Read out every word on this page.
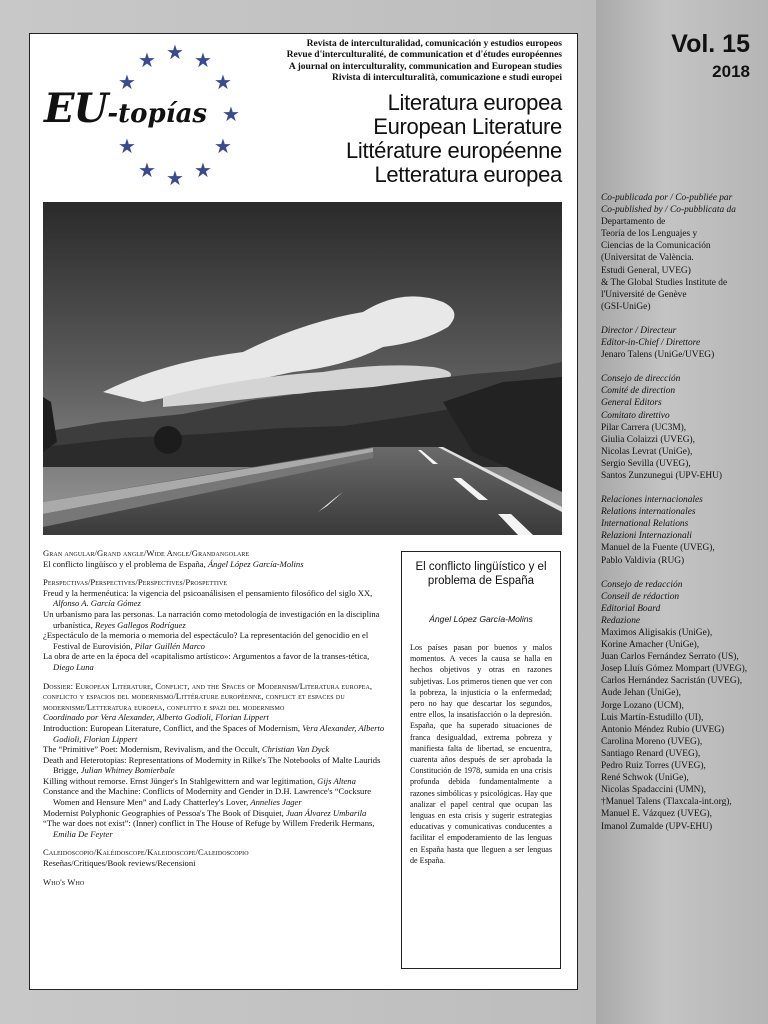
★ ★
★
★
★
★
★
★
★
★
★
EU-topías
Revista de interculturalidad, comunicación y estudios europeos
Revue d'interculturalité, de communication et d'études européennes
A journal on interculturality, communication and European studies
Rivista di interculturalità, comunicazione e studi europei
Literatura europea
European Literature
Littérature européenne
Letteratura europea
Vol. 15
2018
Gran angular/Grand angle/Wide Angle/Grandangolare
El conflicto lingüísco y el problema de España, Ángel López García-Molins
Perspectivas/Perspectives/Perspectives/Prospettive
Freud y la hermenéutica: la vigencia del psicoanálisisen el pensamiento filosófico del siglo XX, Alfonso A. García Gómez
Un urbanismo para las personas. La narración como metodología de investigación en la disciplina urbanística, Reyes Gallegos Rodríguez
¿Espectáculo de la memoria o memoria del espectáculo? La representación del genocidio en el Festival de Eurovisión, Pilar Guillén Marco
La obra de arte en la época del «capitalismo artístico»: Argumentos a favor de la transes-tética, Diego Luna
Dossier: European Literature, Conflict, and the Spaces of Modernism/Literatura europea, conflicto y espacios del modernismo/Littérature européenne, conflict et espaces du modernisme/Letteratura europea, conflitto e spazi del modernismo
Coordinado por Vera Alexander, Alberto Godioli, Florian Lippert
Introduction: European Literature, Conflict, and the Spaces of Modernism, Vera Alexander, Alberto Godioli, Florian Lippert
The “Primitive” Poet: Modernism, Revivalism, and the Occult, Christian Van Dyck
Death and Heterotopias: Representations of Modernity in Rilke's The Notebooks of Malte Laurids Brigge, Julian Whitney Bomierbale
Killing without remorse. Ernst Jünger's In Stahlgewittern and war legitimation, Gijs Altena
Constance and the Machine: Conflicts of Modernity and Gender in D.H. Lawrence's “Cocksure Women and Hensure Men” and Lady Chatterley's Lover, Annelies Jager
Modernist Polyphonic Geographies of Pessoa's The Book of Disquiet, Juan Álvarez Umbarila
“The war does not exist”: (Inner) conflict in The House of Refuge by Willem Frederik Hermans, Emilia De Feyter
Caleidoscopio/Kaléidoscope/Kaleidoscope/Caleidoscopio
Reseñas/Critiques/Book reviews/Recensioni
Who's Who
El conflicto lingüístico y el problema de España
Ángel López García-Molins
Los países pasan por buenos y malos momentos. A veces la causa se halla en hechos objetivos y otras en razones subjetivas. Los primeros tienen que ver con la pobreza, la injusticia o la enfermedad; pero no hay que descartar los segundos, entre ellos, la insatisfacción o la depresión. España, que ha superado situaciones de franca desigualdad, extrema pobreza y manifiesta falta de libertad, se encuentra, cuarenta años después de ser aprobada la Constitución de 1978, sumida en una crisis profunda debida fundamentalmente a razones simbólicas y psicológicas. Hay que analizar el papel central que ocupan las lenguas en esta crisis y sugerir estrategias educativas y comunicativas conducentes a facilitar el empoderamiento de las lenguas en España hasta que lleguen a ser lenguas de España.
Co-publicada por / Co-publiée par
Co-published by / Co-pubblicata da
Departamento de
Teoría de los Lenguajes y
Ciencias de la Comunicación
(Universitat de València.
Estudi General, UVEG)
& The Global Studies Institute de
l'Université de Genève
(GSI-UniGe)
Director / Directeur
Editor-in-Chief / Direttore
Jenaro Talens (UniGe/UVEG)
Consejo de dirección
Comité de direction
General Editors
Comitato direttivo
Pilar Carrera (UC3M),
Giulia Colaizzi (UVEG),
Nicolas Levrat (UniGe),
Sergio Sevilla (UVEG),
Santos Zunzunegui (UPV-EHU)
Relaciones internacionales
Relations internationales
International Relations
Relazioni Internazionali
Manuel de la Fuente (UVEG),
Pablo Valdivia (RUG)
Consejo de redacción
Conseil de rédaction
Editorial Board
Redazione
Maximos Aligisakis (UniGe),
Korine Amacher (UniGe),
Juan Carlos Fernández Serrato (US),
Josep Lluís Gómez Mompart (UVEG),
Carlos Hernández Sacristán (UVEG),
Aude Jehan (UniGe),
Jorge Lozano (UCM),
Luis Martín-Estudillo (UI),
Antonio Méndez Rubio (UVEG)
Carolina Moreno (UVEG),
Santiago Renard (UVEG),
Pedro Ruiz Torres (UVEG),
René Schwok (UniGe),
Nicolas Spadaccini (UMN),
†Manuel Talens (Tlaxcala-int.org),
Manuel E. Vázquez (UVEG),
Imanol Zumalde (UPV-EHU)
